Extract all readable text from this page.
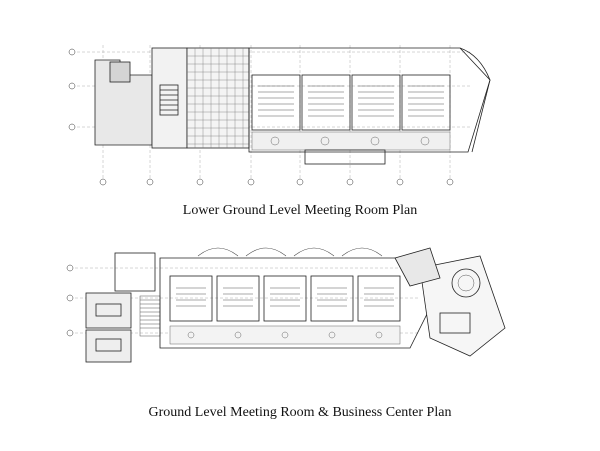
Lower Ground Level Meeting Room Plan
Ground Level Meeting Room & Business Center Plan
